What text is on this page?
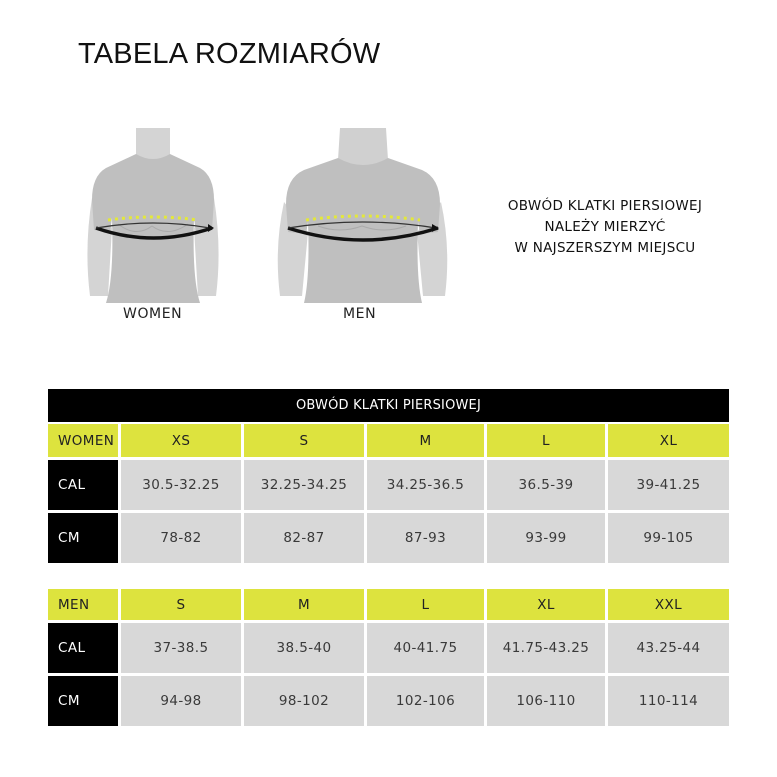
TABELA ROZMIARÓW
WOMEN	MEN
OBWÓD KLATKI PIERSIOWEJ
NALEŻY MIERZYĆ
W NAJSZERSZYM MIEJSCU
OBWÓD KLATKI PIERSIOWEJ
WOMEN	XS	S	M	L	XL
CAL	30.5-32.25	32.25-34.25	34.25-36.5	36.5-39	39-41.25
CM	78-82	82-87	87-93	93-99	99-105
MEN	S	M	L	XL	XXL
CAL	37-38.5	38.5-40	40-41.75	41.75-43.25	43.25-44
CM	94-98	98-102	102-106	106-110	110-114
